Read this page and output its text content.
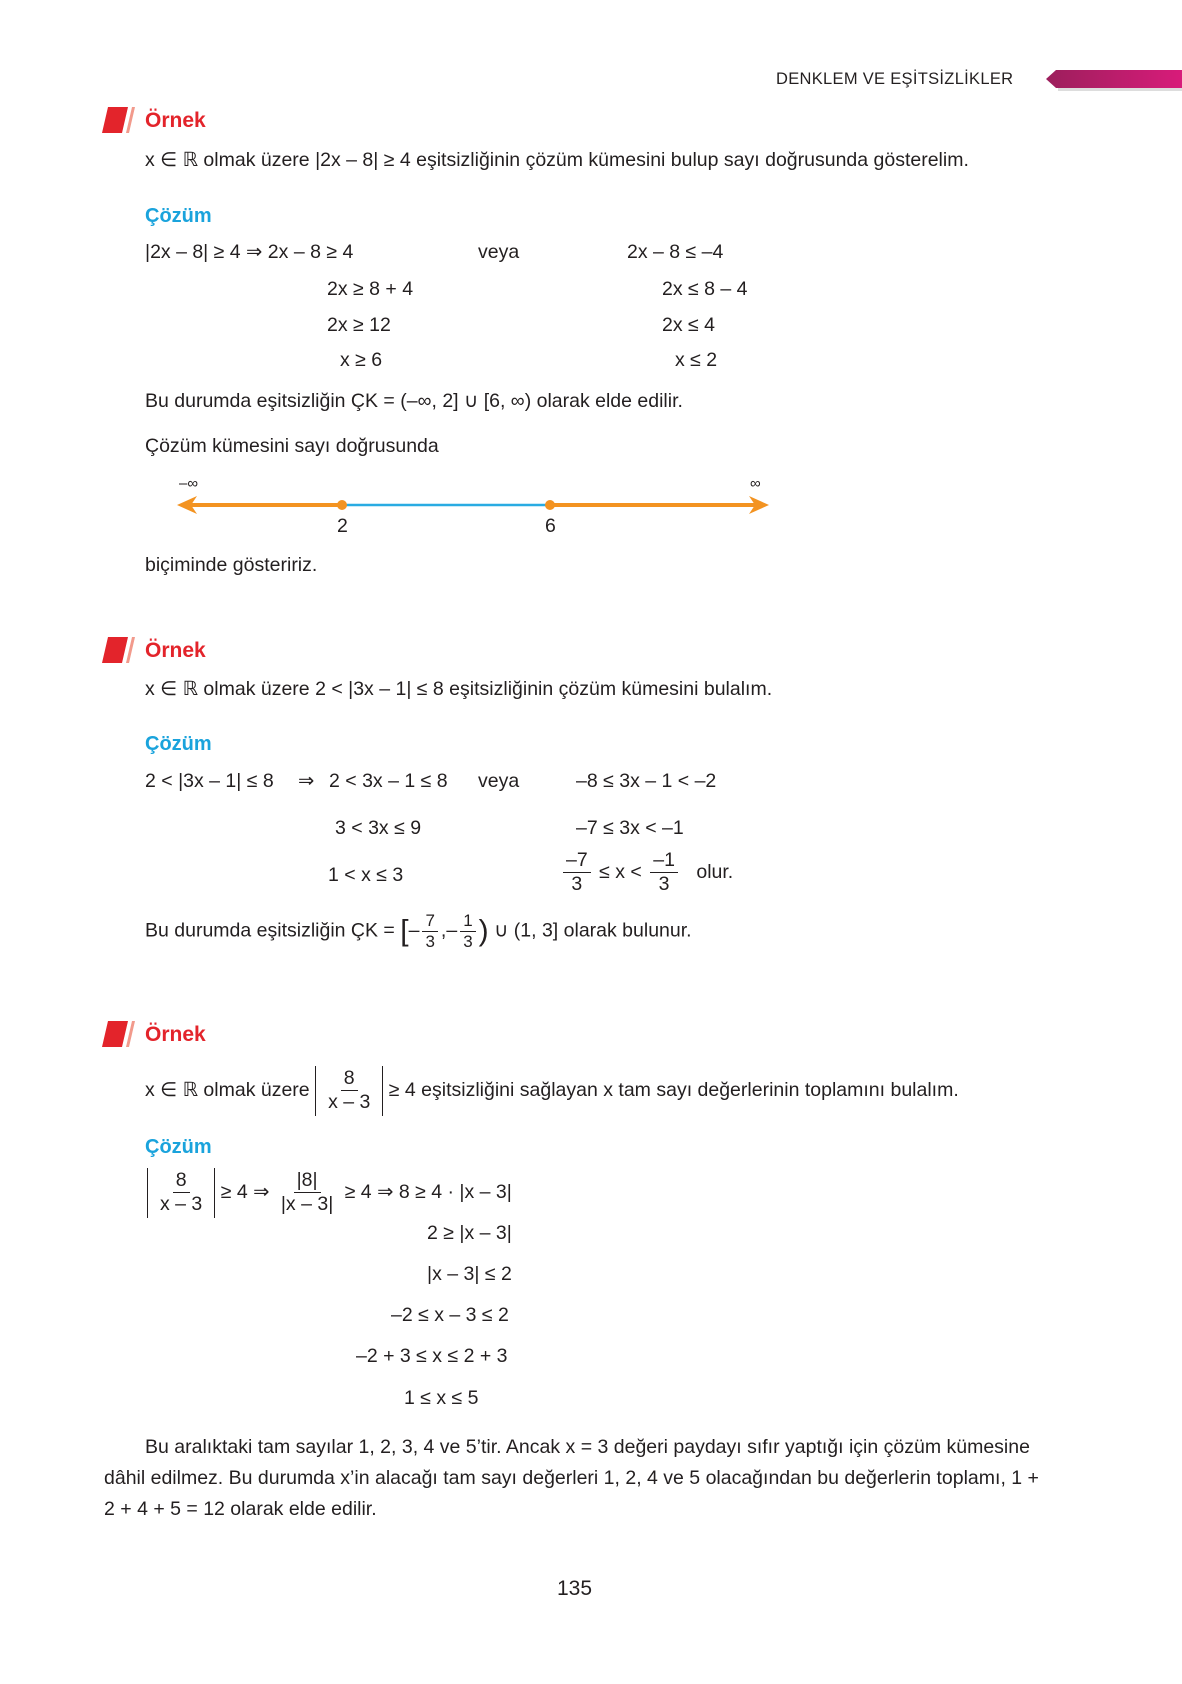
DENKLEM VE EŞİTSİZLİKLER
Örnek
x ∈ ℝ olmak üzere |2x – 8| ≥ 4 eşitsizliğinin çözüm kümesini bulup sayı doğrusunda gösterelim.
Çözüm
|2x – 8| ≥ 4 ⇒ 2x – 8 ≥ 4	veya	2x – 8 ≤ –4
2x ≥ 8 + 4	2x ≤ 8 – 4
2x ≥ 12	2x ≤ 4
x ≥ 6	x ≤ 2
Bu durumda eşitsizliğin ÇK = (–∞, 2] ∪ [6, ∞) olarak elde edilir.
Çözüm kümesini sayı doğrusunda
–∞	∞
2	6
biçiminde gösteririz.
Örnek
x ∈ ℝ olmak üzere 2 < |3x – 1| ≤ 8 eşitsizliğinin çözüm kümesini bulalım.
Çözüm
2 < |3x – 1| ≤ 8 ⇒ 2 < 3x – 1 ≤ 8 veya	–8 ≤ 3x – 1 < –2
3 < 3x ≤ 9	–7 ≤ 3x < –1
1 < x ≤ 3	$\frac{-7}{3} \le x < \frac{-1}{3}$ olur.
Bu durumda eşitsizliğin ÇK = [– $\frac{7}{3}$ ,– $\frac{1}{3}$ ) ∪ (1, 3] olarak bulunur.
Örnek
x ∈ ℝ olmak üzere $\frac{8}{x - 3} \ge 4$ eşitsizliğini sağlayan x tam sayı değerlerinin toplamını bulalım.
Çözüm
$\frac{8}{x - 3} \ge 4$ ⇒ $\frac{|8|}{|x - 3|} \ge 4$ ⇒ 8 ≥ 4 · |x – 3|
2 ≥ |x – 3|
|x – 3| ≤ 2
–2 ≤ x – 3 ≤ 2
–2 + 3 ≤ x ≤ 2 + 3
1 ≤ x ≤ 5

Bu aralıktaki tam sayılar 1, 2, 3, 4 ve 5’tir. Ancak x = 3 değeri paydayı sıfır yaptığı için çözüm kümesine dâhil edilmez. Bu durumda x’in alacağı tam sayı değerleri 1, 2, 4 ve 5 olacağından bu değerlerin toplamı, 1 + 2 + 4 + 5 = 12 olarak elde edilir.

135
